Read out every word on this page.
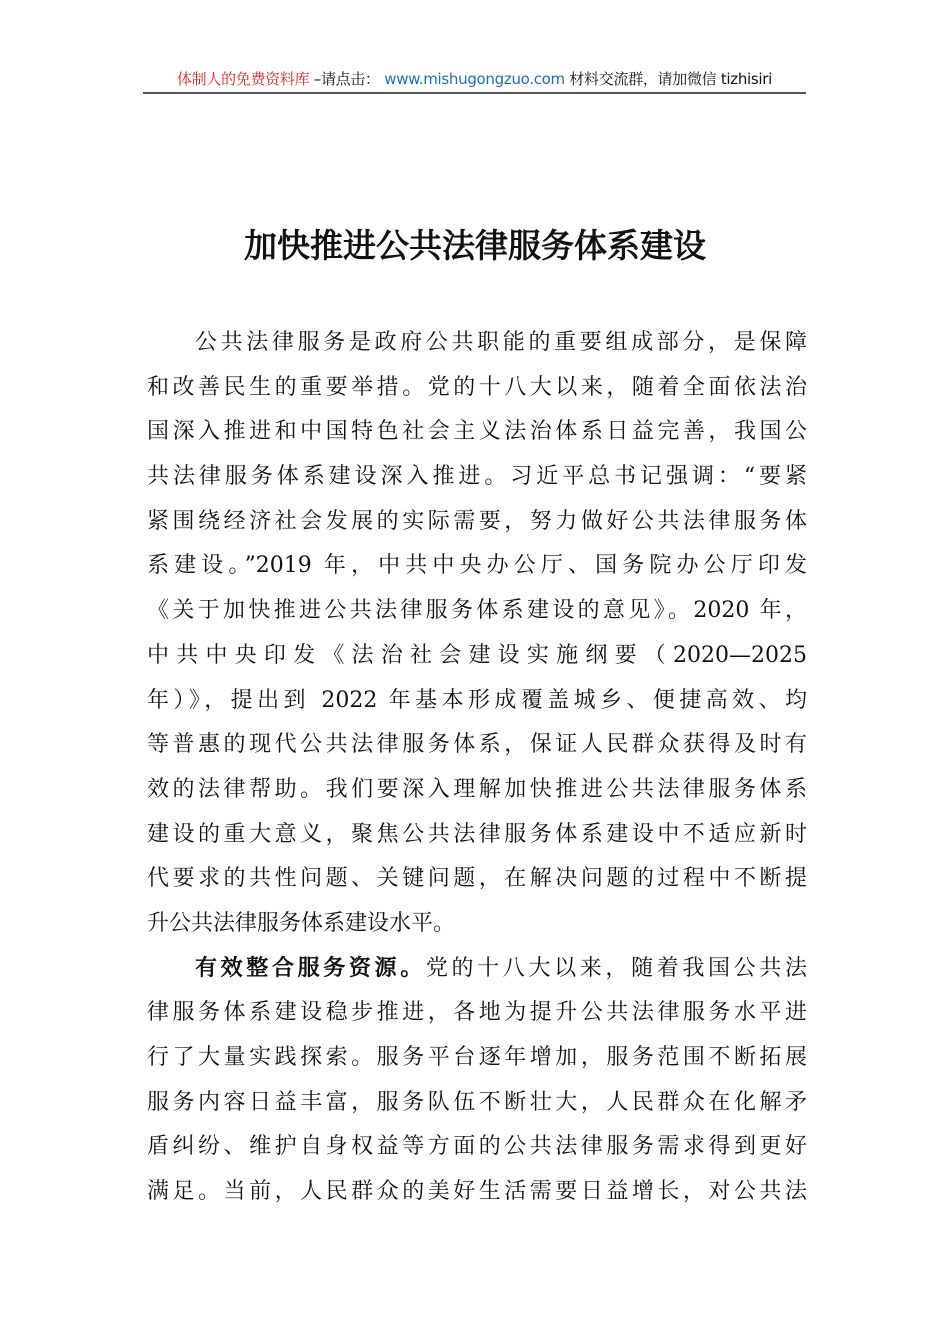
体制人的免费资料库 –请点击： www.mishugongzuo.com 材料交流群，请加微信 tizhisiri
加快推进公共法律服务体系建设
公共法律服务是政府公共职能的重要组成部分，是保障
和改善民生的重要举措。党的十八大以来，随着全面依法治
国深入推进和中国特色社会主义法治体系日益完善，我国公
共法律服务体系建设深入推进。习近平总书记强调：“要紧
紧围绕经济社会发展的实际需要，努力做好公共法律服务体
系建设。”2019 年，中共中央办公厅、国务院办公厅印发
《关于加快推进公共法律服务体系建设的意见》。2020 年，
中共中央印发《法治社会建设实施纲要（2020—2025
年）》，提出到 2022 年基本形成覆盖城乡、便捷高效、均
等普惠的现代公共法律服务体系，保证人民群众获得及时有
效的法律帮助。我们要深入理解加快推进公共法律服务体系
建设的重大意义，聚焦公共法律服务体系建设中不适应新时
代要求的共性问题、关键问题，在解决问题的过程中不断提
升公共法律服务体系建设水平。
有效整合服务资源。党的十八大以来，随着我国公共法
律服务体系建设稳步推进，各地为提升公共法律服务水平进
行了大量实践探索。服务平台逐年增加，服务范围不断拓展
服务内容日益丰富，服务队伍不断壮大，人民群众在化解矛
盾纠纷、维护自身权益等方面的公共法律服务需求得到更好
满足。当前，人民群众的美好生活需要日益增长，对公共法
